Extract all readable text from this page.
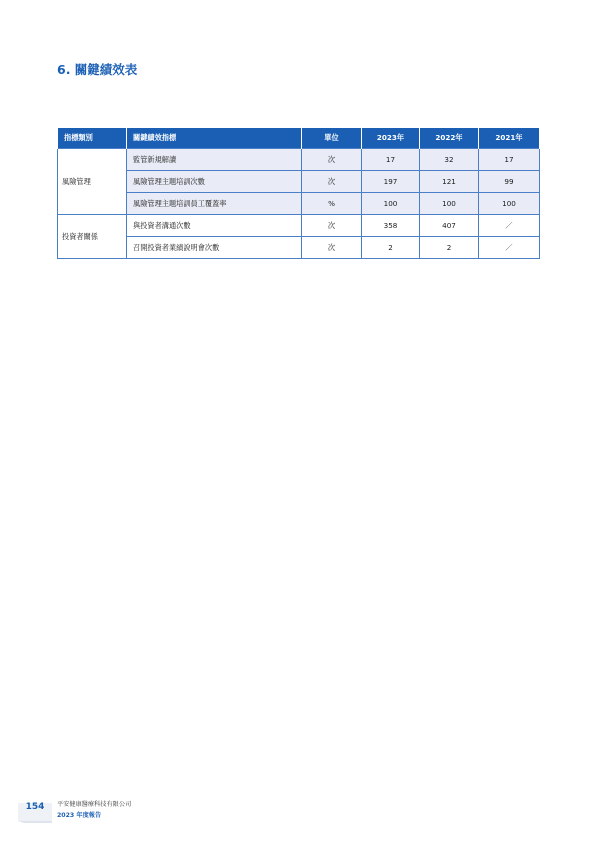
6. 關鍵績效表
指標類別	關鍵績效指標	單位	2023年	2022年	2021年
風險管理	監管新規解讀	次	17	32	17
	風險管理主題培訓次數	次	197	121	99
	風險管理主題培訓員工覆蓋率	%	100	100	100
投資者關係	與投資者溝通次數	次	358	407	／
	召開投資者業績說明會次數	次	2	2	／
154	平安健康醫療科技有限公司
2023 年度報告
